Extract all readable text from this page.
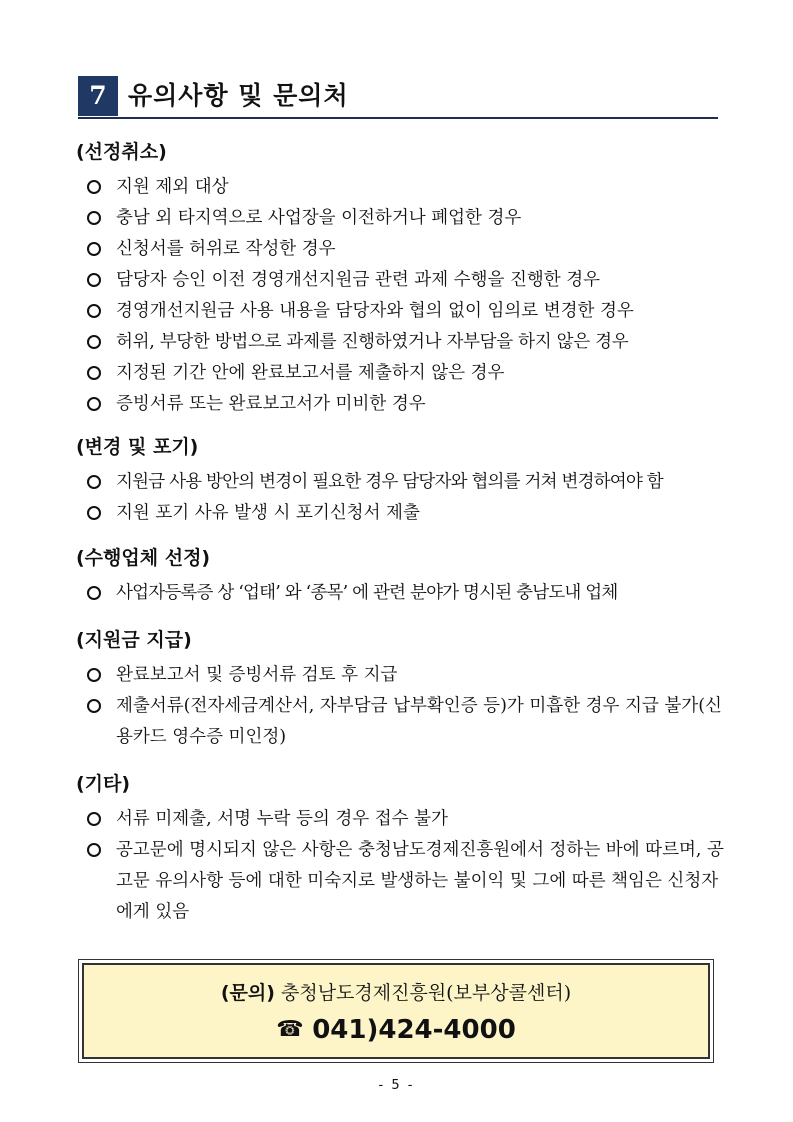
7 유의사항 및 문의처
(선정취소)
지원 제외 대상
충남 외 타지역으로 사업장을 이전하거나 폐업한 경우
신청서를 허위로 작성한 경우
담당자 승인 이전 경영개선지원금 관련 과제 수행을 진행한 경우
경영개선지원금 사용 내용을 담당자와 협의 없이 임의로 변경한 경우
허위, 부당한 방법으로 과제를 진행하였거나 자부담을 하지 않은 경우
지정된 기간 안에 완료보고서를 제출하지 않은 경우
증빙서류 또는 완료보고서가 미비한 경우
(변경 및 포기)
지원금 사용 방안의 변경이 필요한 경우 담당자와 협의를 거쳐 변경하여야 함
지원 포기 사유 발생 시 포기신청서 제출
(수행업체 선정)
사업자등록증 상 ‘업태’ 와 ‘종목’ 에 관련 분야가 명시된 충남도내 업체
(지원금 지급)
완료보고서 및 증빙서류 검토 후 지급
제출서류(전자세금계산서, 자부담금 납부확인증 등)가 미흡한 경우 지급 불가(신용카드 영수증 미인정)
(기타)
서류 미제출, 서명 누락 등의 경우 접수 불가
공고문에 명시되지 않은 사항은 충청남도경제진흥원에서 정하는 바에 따르며, 공고문 유의사항 등에 대한 미숙지로 발생하는 불이익 및 그에 따른 책임은 신청자에게 있음
(문의) 충청남도경제진흥원(보부상콜센터)
☎ 041)424-4000
- 5 -
